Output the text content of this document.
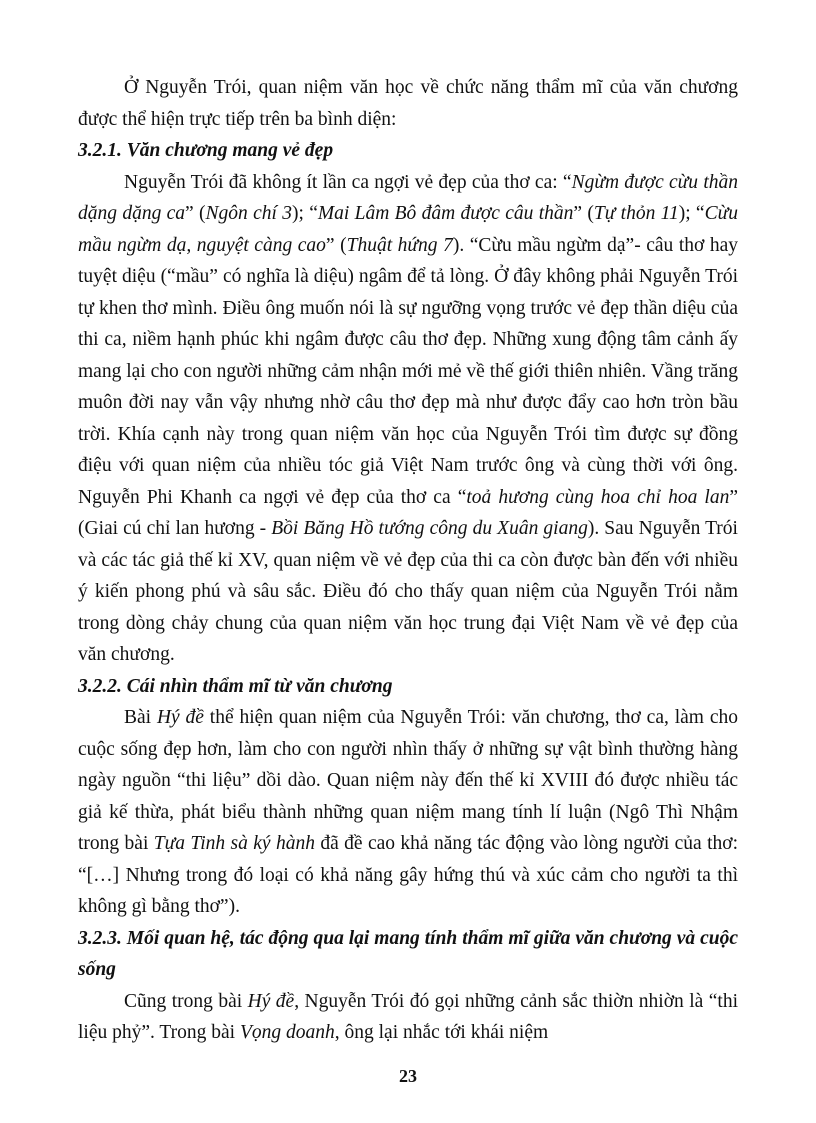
Ở Nguyễn Trói, quan niệm văn học về chức năng thẩm mĩ của văn chương được thể hiện trực tiếp trên ba bình diện:

3.2.1. Văn chương mang vẻ đẹp

Nguyễn Trói đã không ít lần ca ngợi vẻ đẹp của thơ ca: “Ngừm được cừu thần dặng dặng ca” (Ngôn chí 3); “Mai Lâm Bô đâm được câu thần” (Tự thỏn 11); “Cừu mầu ngừm dạ, nguyệt càng cao” (Thuật hứng 7). “Cừu mầu ngừm dạ”- câu thơ hay tuyệt diệu (“mầu” có nghĩa là diệu) ngâm để tả lòng. Ở đây không phải Nguyễn Trói tự khen thơ mình. Điều ông muốn nói là sự ngưỡng vọng trước vẻ đẹp thần diệu của thi ca, niềm hạnh phúc khi ngâm được câu thơ đẹp. Những xung động tâm cảnh ấy mang lại cho con người những cảm nhận mới mẻ về thế giới thiên nhiên. Vầng trăng muôn đời nay vẫn vậy nhưng nhờ câu thơ đẹp mà như được đẩy cao hơn tròn bầu trời. Khía cạnh này trong quan niệm văn học của Nguyễn Trói tìm được sự đồng điệu với quan niệm của nhiều tóc giả Việt Nam trước ông và cùng thời với ông. Nguyễn Phi Khanh ca ngợi vẻ đẹp của thơ ca “toả hương cùng hoa chỉ hoa lan” (Giai cú chỉ lan hương - Bồi Băng Hồ tướng công du Xuân giang). Sau Nguyễn Trói và các tác giả thế kỉ XV, quan niệm về vẻ đẹp của thi ca còn được bàn đến với nhiều ý kiến phong phú và sâu sắc. Điều đó cho thấy quan niệm của Nguyễn Trói nằm trong dòng chảy chung của quan niệm văn học trung đại Việt Nam về vẻ đẹp của văn chương.

3.2.2. Cái nhìn thẩm mĩ từ văn chương

Bài Hý đề thể hiện quan niệm của Nguyễn Trói: văn chương, thơ ca, làm cho cuộc sống đẹp hơn, làm cho con người nhìn thấy ở những sự vật bình thường hàng ngày nguồn “thi liệu” dồi dào. Quan niệm này đến thế kỉ XVIII đó được nhiều tác giả kế thừa, phát biểu thành những quan niệm mang tính lí luận (Ngô Thì Nhậm trong bài Tựa Tinh sà ký hành đã đề cao khả năng tác động vào lòng người của thơ: “[…] Nhưng trong đó loại có khả năng gây hứng thú và xúc cảm cho người ta thì không gì bằng thơ”).

3.2.3. Mối quan hệ, tác động qua lại mang tính thẩm mĩ giữa văn chương và cuộc sống

Cũng trong bài Hý đề, Nguyễn Trói đó gọi những cảnh sắc thiờn nhiờn là “thi liệu phỷ”. Trong bài Vọng doanh, ông lại nhắc tới khái niệm

23
